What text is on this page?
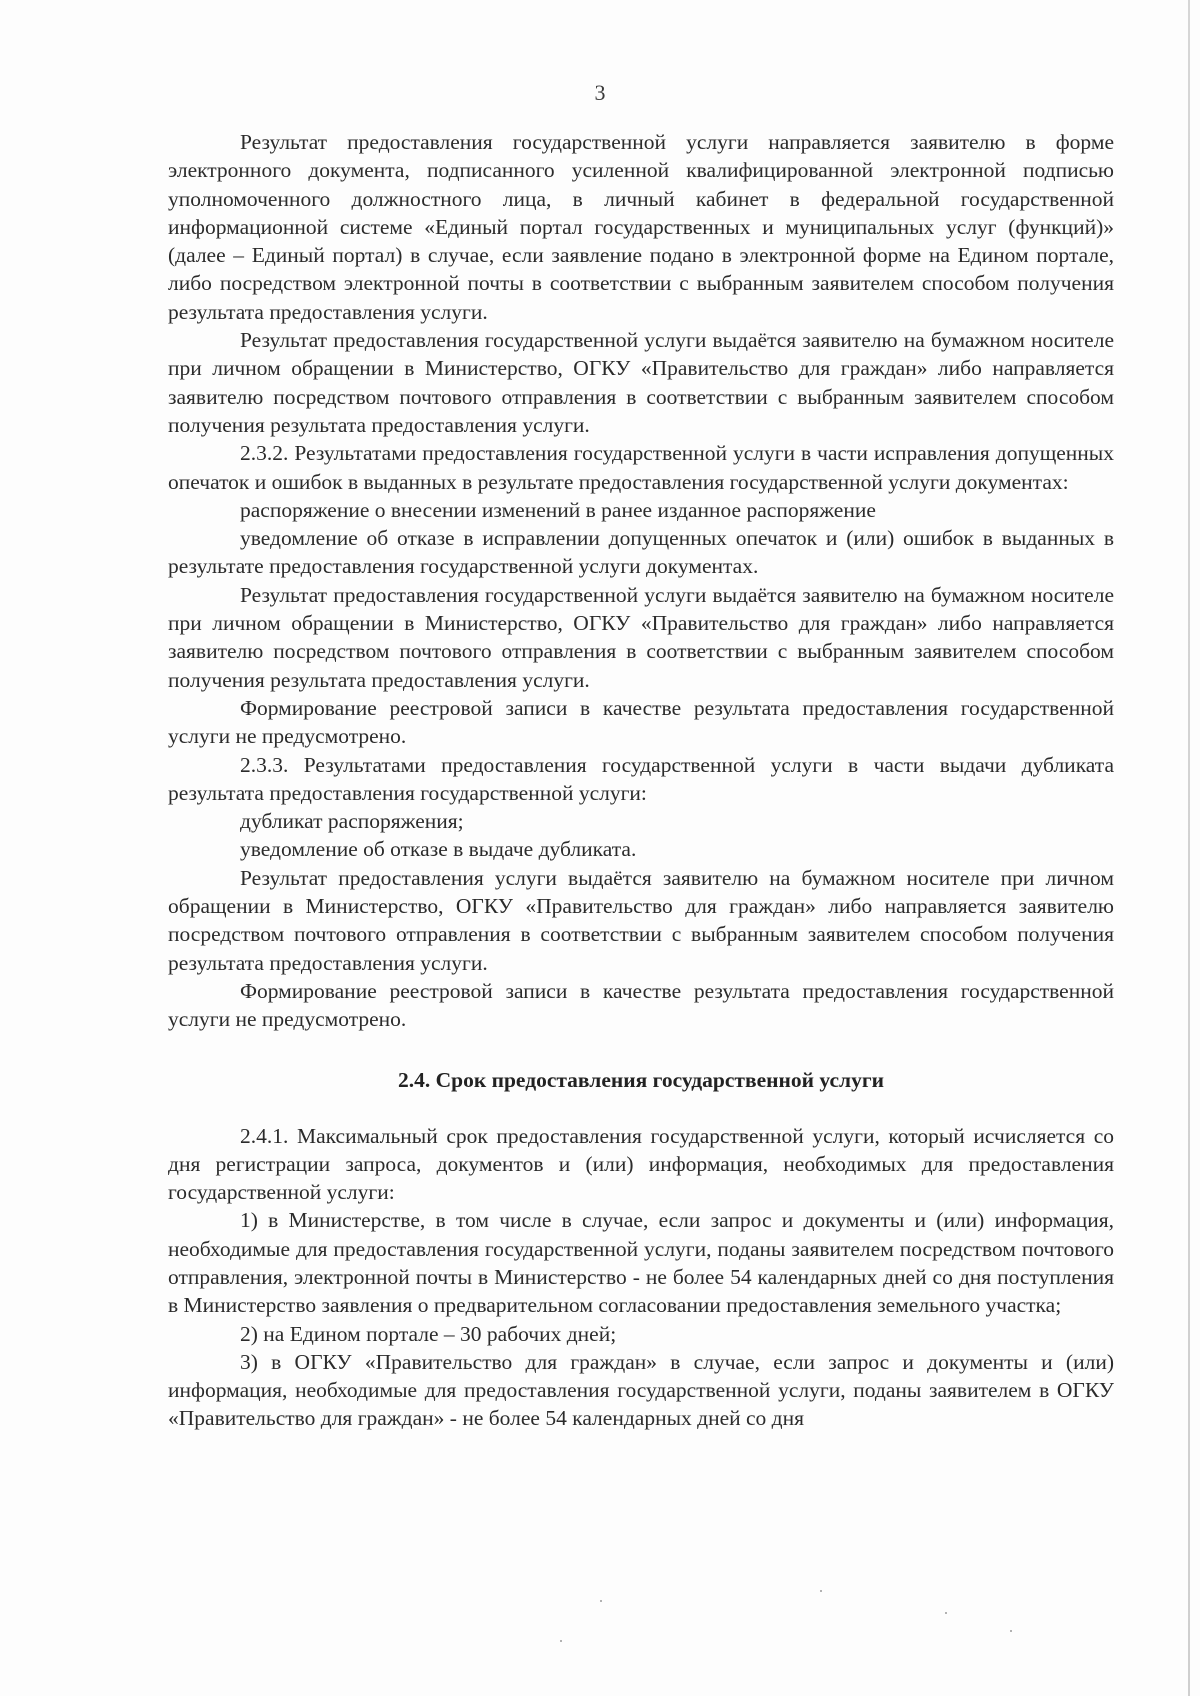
3

Результат предоставления государственной услуги направляется заявителю в форме электронного документа, подписанного усиленной квалифицированной электронной подписью уполномоченного должностного лица, в личный кабинет в федеральной государственной информационной системе «Единый портал государственных и муниципальных услуг (функций)» (далее – Единый портал) в случае, если заявление подано в электронной форме на Едином портале, либо посредством электронной почты в соответствии с выбранным заявителем способом получения результата предоставления услуги.

Результат предоставления государственной услуги выдаётся заявителю на бумажном носителе при личном обращении в Министерство, ОГКУ «Правительство для граждан» либо направляется заявителю посредством почтового отправления в соответствии с выбранным заявителем способом получения результата предоставления услуги.

2.3.2. Результатами предоставления государственной услуги в части исправления допущенных опечаток и ошибок в выданных в результате предоставления государственной услуги документах:

распоряжение о внесении изменений в ранее изданное распоряжение

уведомление об отказе в исправлении допущенных опечаток и (или) ошибок в выданных в результате предоставления государственной услуги документах.

Результат предоставления государственной услуги выдаётся заявителю на бумажном носителе при личном обращении в Министерство, ОГКУ «Правительство для граждан» либо направляется заявителю посредством почтового отправления в соответствии с выбранным заявителем способом получения результата предоставления услуги.

Формирование реестровой записи в качестве результата предоставления государственной услуги не предусмотрено.

2.3.3. Результатами предоставления государственной услуги в части выдачи дубликата результата предоставления государственной услуги:

дубликат распоряжения;

уведомление об отказе в выдаче дубликата.

Результат предоставления услуги выдаётся заявителю на бумажном носителе при личном обращении в Министерство, ОГКУ «Правительство для граждан» либо направляется заявителю посредством почтового отправления в соответствии с выбранным заявителем способом получения результата предоставления услуги.

Формирование реестровой записи в качестве результата предоставления государственной услуги не предусмотрено.

2.4. Срок предоставления государственной услуги

2.4.1. Максимальный срок предоставления государственной услуги, который исчисляется со дня регистрации запроса, документов и (или) информация, необходимых для предоставления государственной услуги:

1) в Министерстве, в том числе в случае, если запрос и документы и (или) информация, необходимые для предоставления государственной услуги, поданы заявителем посредством почтового отправления, электронной почты в Министерство - не более 54 календарных дней со дня поступления в Министерство заявления о предварительном согласовании предоставления земельного участка;

2) на Едином портале – 30 рабочих дней;

3) в ОГКУ «Правительство для граждан» в случае, если запрос и документы и (или) информация, необходимые для предоставления государственной услуги, поданы заявителем в ОГКУ «Правительство для граждан» - не более 54 календарных дней со дня
